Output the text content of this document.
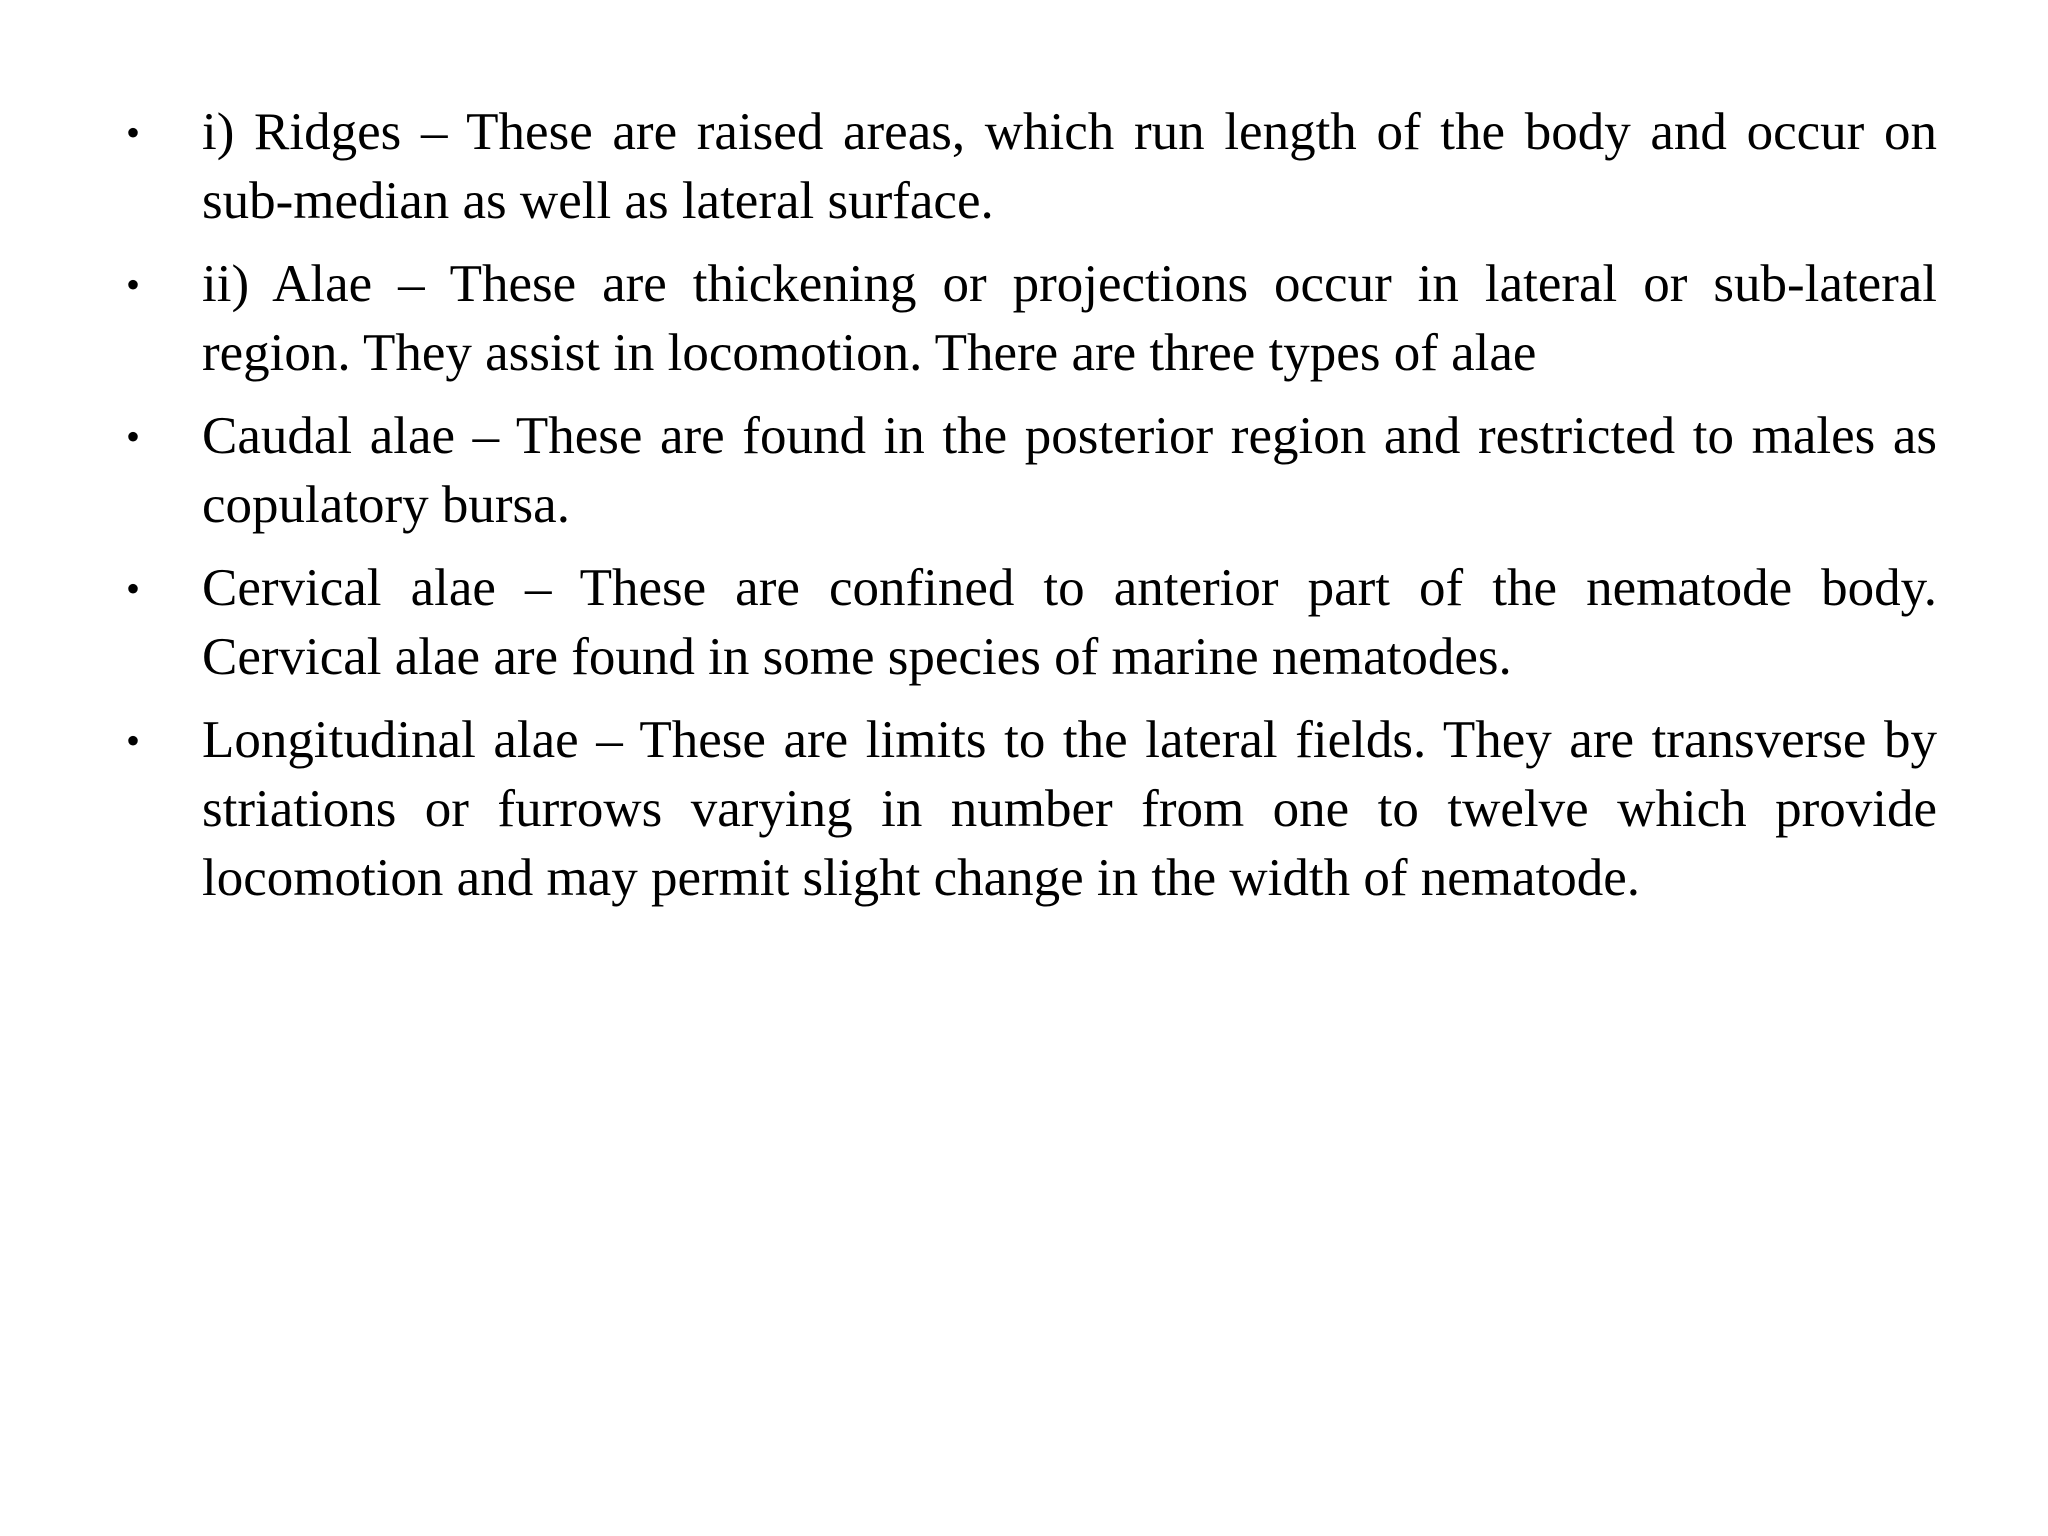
• i) Ridges – These are raised areas, which run length of the body and occur on sub-median as well as lateral surface.
• ii) Alae – These are thickening or projections occur in lateral or sub-lateral region. They assist in locomotion. There are three types of alae
• Caudal alae – These are found in the posterior region and restricted to males as copulatory bursa.
• Cervical alae – These are confined to anterior part of the nematode body. Cervical alae are found in some species of marine nematodes.
• Longitudinal alae – These are limits to the lateral fields. They are transverse by striations or furrows varying in number from one to twelve which provide locomotion and may permit slight change in the width of nematode.
